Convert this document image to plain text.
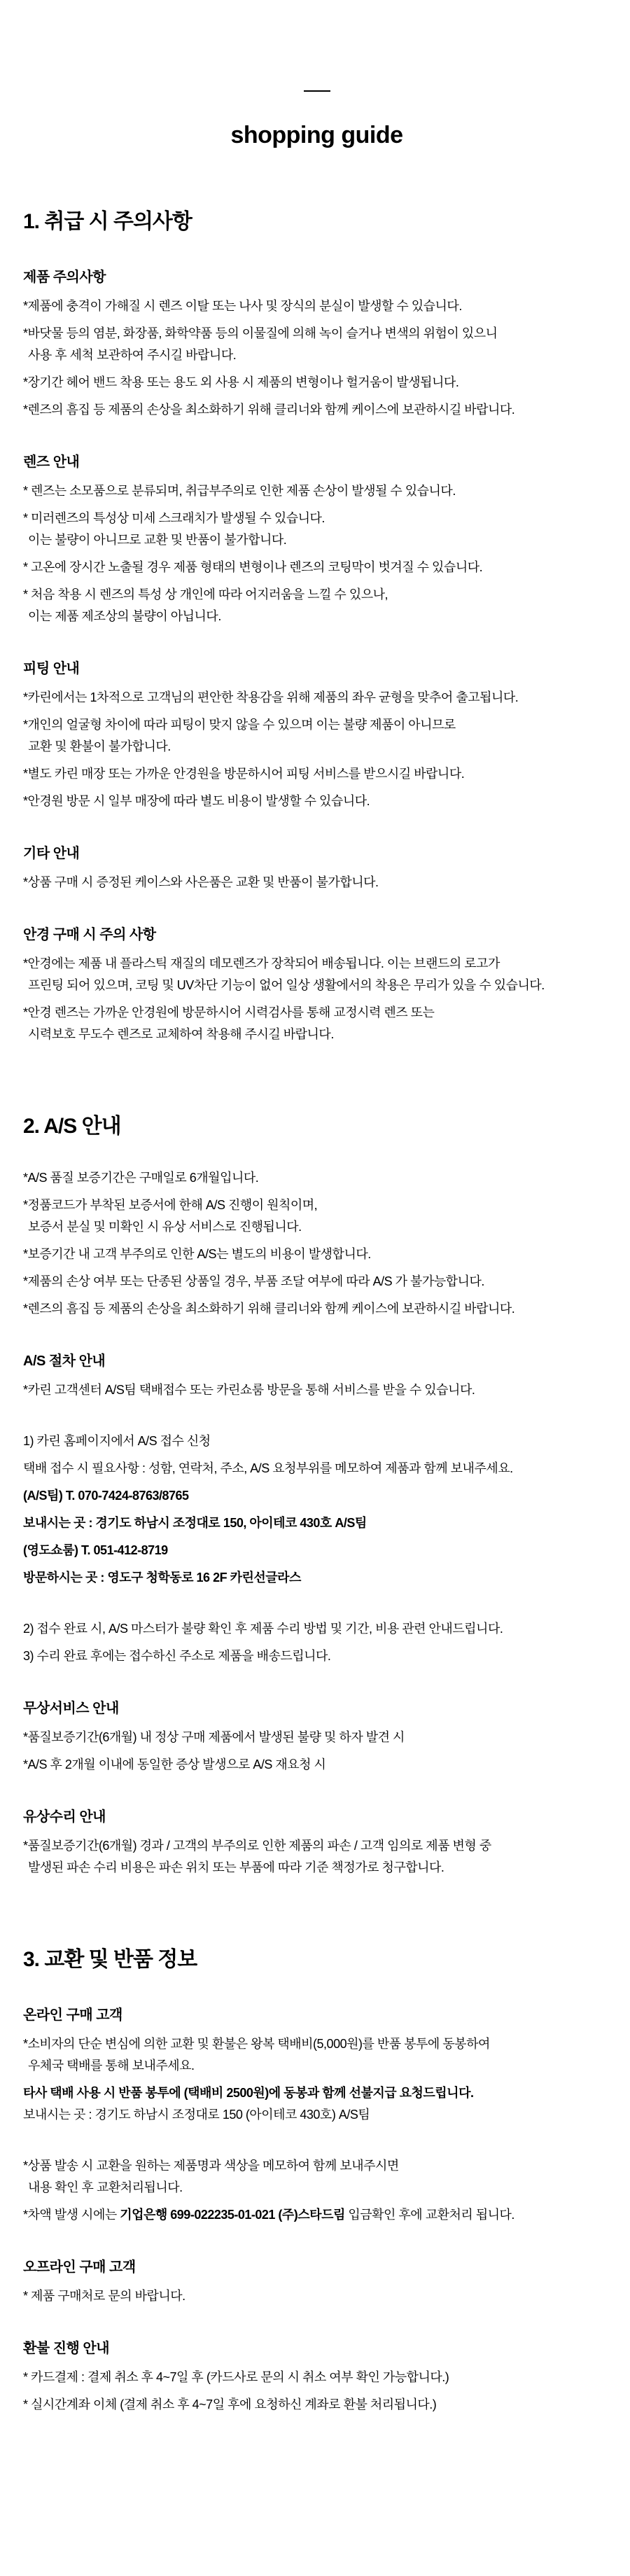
shopping guide
1. 취급 시 주의사항
제품 주의사항

*제품에 충격이 가해질 시 렌즈 이탈 또는 나사 및 장식의 분실이 발생할 수 있습니다.

*바닷물 등의 염분, 화장품, 화학약품 등의 이물질에 의해 녹이 슬거나 변색의 위험이 있으니

사용 후 세척 보관하여 주시길 바랍니다.

*장기간 헤어 밴드 착용 또는 용도 외 사용 시 제품의 변형이나 헐거움이 발생됩니다.

*렌즈의 흠집 등 제품의 손상을 최소화하기 위해 클리너와 함께 케이스에 보관하시길 바랍니다.

렌즈 안내

* 렌즈는 소모품으로 분류되며, 취급부주의로 인한 제품 손상이 발생될 수 있습니다.

* 미러렌즈의 특성상 미세 스크래치가 발생될 수 있습니다.

이는 불량이 아니므로 교환 및 반품이 불가합니다.

* 고온에 장시간 노출될 경우 제품 형태의 변형이나 렌즈의 코팅막이 벗겨질 수 있습니다.

* 처음 착용 시 렌즈의 특성 상 개인에 따라 어지러움을 느낄 수 있으나,

이는 제품 제조상의 불량이 아닙니다.

피팅 안내

*카린에서는 1차적으로 고객님의 편안한 착용감을 위해 제품의 좌우 균형을 맞추어 출고됩니다.

*개인의 얼굴형 차이에 따라 피팅이 맞지 않을 수 있으며 이는 불량 제품이 아니므로

교환 및 환불이 불가합니다.

*별도 카린 매장 또는 가까운 안경원을 방문하시어 피팅 서비스를 받으시길 바랍니다.

*안경원 방문 시 일부 매장에 따라 별도 비용이 발생할 수 있습니다.

기타 안내

*상품 구매 시 증정된 케이스와 사은품은 교환 및 반품이 불가합니다.

안경 구매 시 주의 사항

*안경에는 제품 내 플라스틱 재질의 데모렌즈가 장착되어 배송됩니다. 이는 브랜드의 로고가

프린팅 되어 있으며, 코팅 및 UV차단 기능이 없어 일상 생활에서의 착용은 무리가 있을 수 있습니다.

*안경 렌즈는 가까운 안경원에 방문하시어 시력검사를 통해 교정시력 렌즈 또는

시력보호 무도수 렌즈로 교체하여 착용해 주시길 바랍니다.

2. A/S 안내

*A/S 품질 보증기간은 구매일로 6개월입니다.

*정품코드가 부착된 보증서에 한해 A/S 진행이 원칙이며,

보증서 분실 및 미확인 시 유상 서비스로 진행됩니다.

*보증기간 내 고객 부주의로 인한 A/S는 별도의 비용이 발생합니다.

*제품의 손상 여부 또는 단종된 상품일 경우, 부품 조달 여부에 따라 A/S 가 불가능합니다.

*렌즈의 흠집 등 제품의 손상을 최소화하기 위해 클리너와 함께 케이스에 보관하시길 바랍니다.

A/S 절차 안내

*카린 고객센터 A/S팀 택배접수 또는 카린쇼룸 방문을 통해 서비스를 받을 수 있습니다.

1) 카린 홈페이지에서 A/S 접수 신청

택배 접수 시 필요사항 : 성함, 연락처, 주소, A/S 요청부위를 메모하여 제품과 함께 보내주세요.

(A/S팀) T. 070-7424-8763/8765

보내시는 곳 : 경기도 하남시 조정대로 150, 아이테코 430호 A/S팀

(영도쇼룸) T. 051-412-8719

방문하시는 곳 : 영도구 청학동로 16 2F 카린선글라스

2) 접수 완료 시, A/S 마스터가 불량 확인 후 제품 수리 방법 및 기간, 비용 관련 안내드립니다.

3) 수리 완료 후에는 접수하신 주소로 제품을 배송드립니다.

무상서비스 안내

*품질보증기간(6개월) 내 정상 구매 제품에서 발생된 불량 및 하자 발견 시

*A/S 후 2개월 이내에 동일한 증상 발생으로 A/S 재요청 시

유상수리 안내

*품질보증기간(6개월) 경과 / 고객의 부주의로 인한 제품의 파손 / 고객 임의로 제품 변형 중

발생된 파손 수리 비용은 파손 위치 또는 부품에 따라 기준 책정가로 청구합니다.

3. 교환 및 반품 정보
온라인 구매 고객

*소비자의 단순 변심에 의한 교환 및 환불은 왕복 택배비(5,000원)를 반품 봉투에 동봉하여

우체국 택배를 통해 보내주세요.

타사 택배 사용 시 반품 봉투에 (택배비 2500원)에 동봉과 함께 선불지급 요청드립니다.

보내시는 곳 : 경기도 하남시 조정대로 150 (아이테코 430호) A/S팀

*상품 발송 시 교환을 원하는 제품명과 색상을 메모하여 함께 보내주시면

내용 확인 후 교환처리됩니다.

*차액 발생 시에는 기업은행 699-022235-01-021 (주)스타드림 입금확인 후에 교환처리 됩니다.

오프라인 구매 고객

* 제품 구매처로 문의 바랍니다.

환불 진행 안내

* 카드결제 : 결제 취소 후 4~7일 후 (카드사로 문의 시 취소 여부 확인 가능합니다.)

* 실시간계좌 이체 (결제 취소 후 4~7일 후에 요청하신 계좌로 환불 처리됩니다.)
